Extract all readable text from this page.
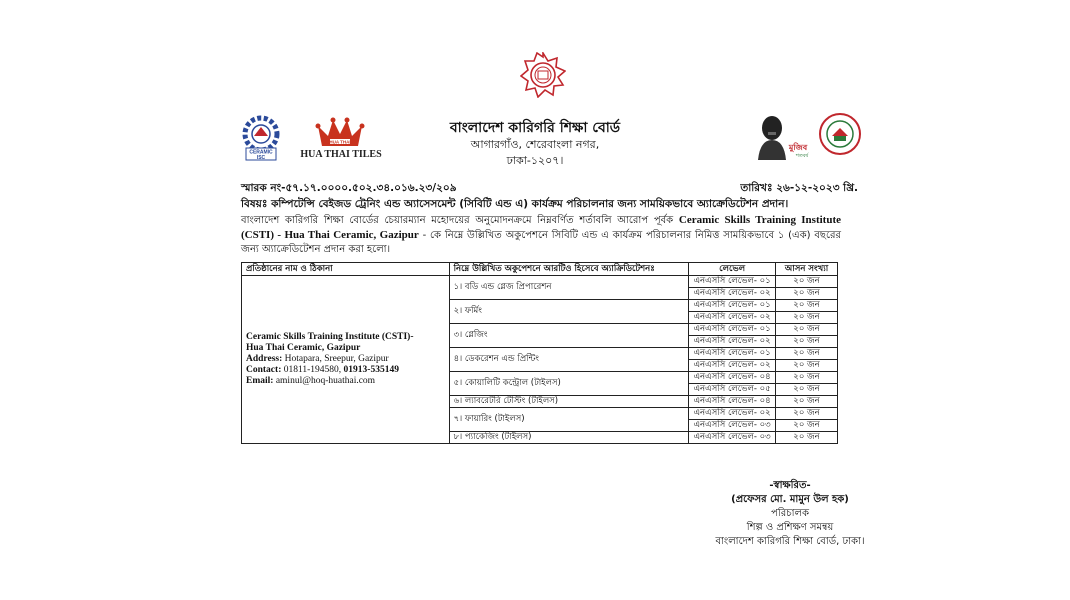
বাংলাদেশ কারিগরি শিক্ষা বোর্ড
আগারগাঁও, শেরেবাংলা নগর,
ঢাকা-১২০৭।
CERAMIC
ISC
HUA THAI
HUA THAI TILES
মুজিব
শতবর্ষ
স্মারক নং-৫৭.১৭.০০০০.৫০২.৩৪.০১৬.২৩/২০৯	তারিখঃ ২৬-১২-২০২৩ খ্রি.
বিষয়ঃ কম্পিটেন্সি বেইজড ট্রেনিং এন্ড অ্যাসেসমেন্ট (সিবিটি এন্ড এ) কার্যক্রম পরিচালনার জন্য সাময়িকভাবে অ্যাক্রেডিটেশন প্রদান।
বাংলাদেশ কারিগরি শিক্ষা বোর্ডের চেয়ারম্যান মহোদয়ের অনুমোদনক্রমে নিম্নবর্ণিত শর্তাবলি আরোপ পূর্বক Ceramic Skills Training Institute (CSTI) - Hua Thai Ceramic, Gazipur - কে নিম্নে উল্লিখিত অকুপেশনে সিবিটি এন্ড এ কার্যক্রম পরিচালনার নিমিত্ত সাময়িকভাবে ১ (এক) বছরের জন্য অ্যাক্রেডিটেশন প্রদান করা হলো।
প্রতিষ্ঠানের নাম ও ঠিকানা	নিম্নে উল্লিখিত অকুপেশনে আরটিও হিসেবে অ্যাক্রিডিটেশনঃ	লেভেল	আসন সংখ্যা
Ceramic Skills Training Institute (CSTI)-
Hua Thai Ceramic, Gazipur
Address: Hotapara, Sreepur, Gazipur
Contact: 01811-194580, 01913-535149
Email: aminul@hoq-huathai.com	১। বডি এন্ড গ্লেজ প্রিপারেশন	এনএসসি লেভেল- ০১	২০ জন
		এনএসসি লেভেল- ০২	২০ জন
	২। ফর্মিং	এনএসসি লেভেল- ০১	২০ জন
		এনএসসি লেভেল- ০২	২০ জন
	৩। গ্লেজিং	এনএসসি লেভেল- ০১	২০ জন
		এনএসসি লেভেল- ০২	২০ জন
	৪। ডেকরেশন এন্ড প্রিন্টিং	এনএসসি লেভেল- ০১	২০ জন
		এনএসসি লেভেল- ০২	২০ জন
	৫। কোয়ালিটি কন্ট্রোল (টাইলস)	এনএসসি লেভেল- ০৪	২০ জন
		এনএসসি লেভেল- ০৫	২০ জন
	৬। ল্যাবরেটরি টেস্টিং (টাইলস)	এনএসসি লেভেল- ০৪	২০ জন
	৭। ফায়ারিং (টাইলস)	এনএসসি লেভেল- ০২	২০ জন
		এনএসসি লেভেল- ০৩	২০ জন
	৮। প্যাকেজিং (টাইলস)	এনএসসি লেভেল- ০৩	২০ জন
-স্বাক্ষরিত-
(প্রফেসর মো. মামুন উল হক)
পরিচালক
শিল্প ও প্রশিক্ষণ সমন্বয়
বাংলাদেশ কারিগরি শিক্ষা বোর্ড, ঢাকা।
